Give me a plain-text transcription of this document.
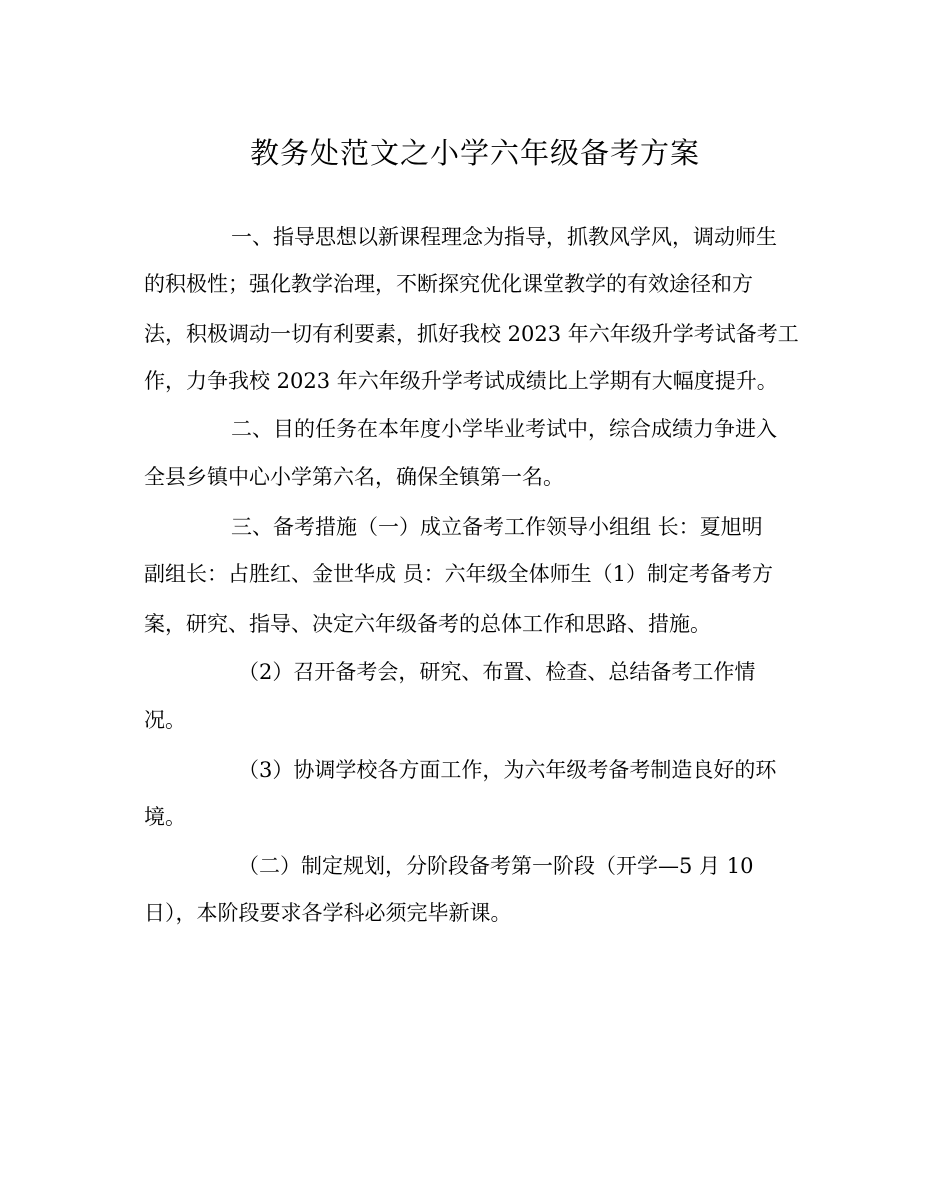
教务处范文之小学六年级备考方案

一、指导思想以新课程理念为指导，抓教风学风，调动师生

的积极性；强化教学治理，不断探究优化课堂教学的有效途径和方

法，积极调动一切有利要素，抓好我校 2023 年六年级升学考试备考工

作，力争我校 2023 年六年级升学考试成绩比上学期有大幅度提升。

二、目的任务在本年度小学毕业考试中，综合成绩力争进入

全县乡镇中心小学第六名，确保全镇第一名。

三、备考措施（一）成立备考工作领导小组组 长：夏旭明

副组长：占胜红、金世华成 员：六年级全体师生（1）制定考备考方

案，研究、指导、决定六年级备考的总体工作和思路、措施。

（2）召开备考会，研究、布置、检查、总结备考工作情

况。

（3）协调学校各方面工作，为六年级考备考制造良好的环

境。

（二）制定规划，分阶段备考第一阶段（开学—5 月 10

日），本阶段要求各学科必须完毕新课。
